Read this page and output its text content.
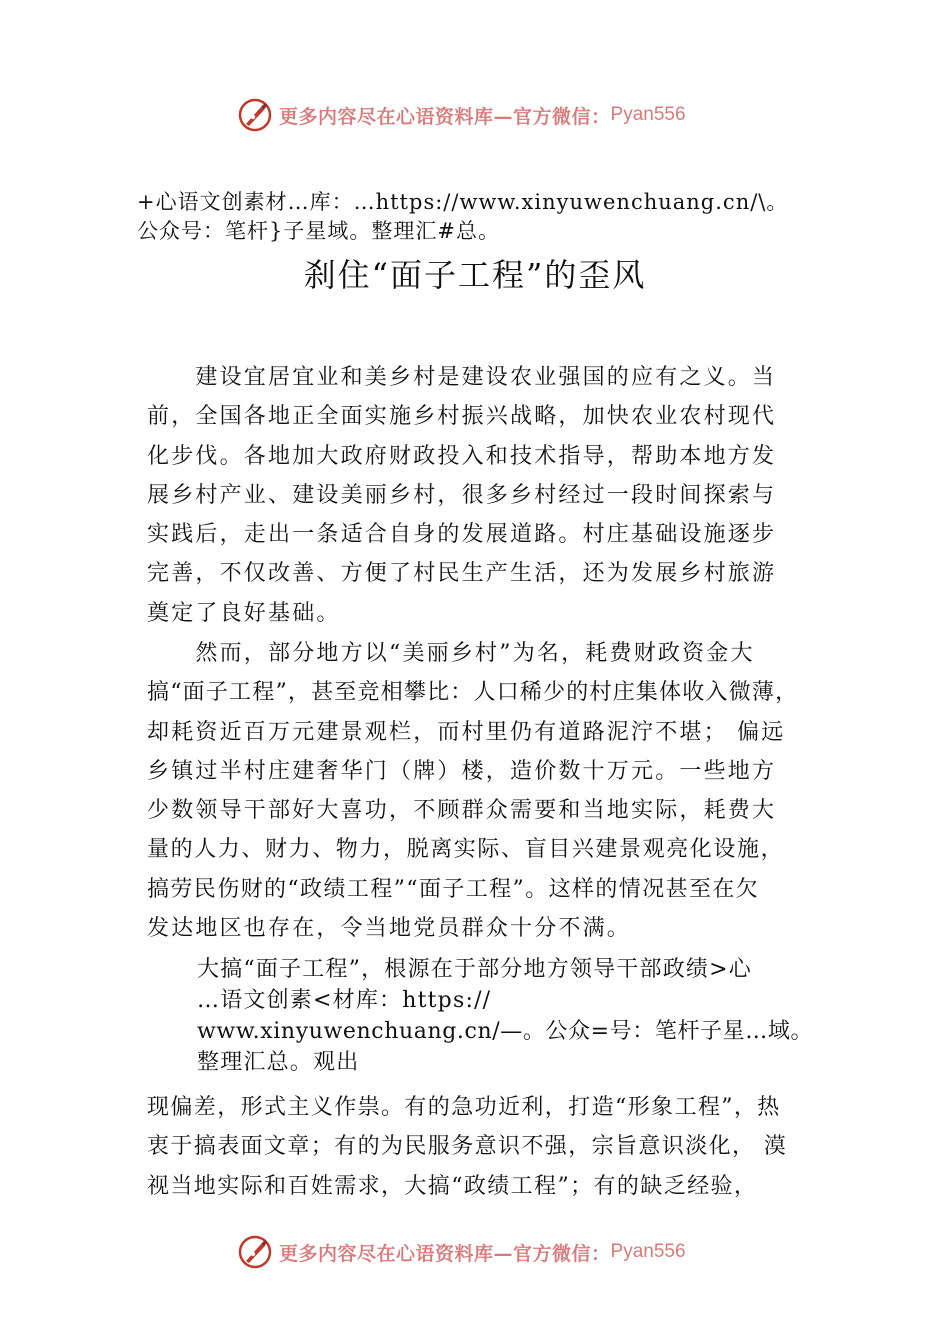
更多内容尽在心语资料库—官方微信： Pyan556
+心语文创素材…库：…https://www.xinyuwenchuang.cn/\。
公众号：笔杆}子星域。整理汇#总。
刹住“面子工程”的歪风
　　建设宜居宜业和美乡村是建设农业强国的应有之义。当
前，全国各地正全面实施乡村振兴战略，加快农业农村现代
化步伐。各地加大政府财政投入和技术指导，帮助本地方发
展乡村产业、建设美丽乡村，很多乡村经过一段时间探索与
实践后，走出一条适合自身的发展道路。村庄基础设施逐步
完善，不仅改善、方便了村民生产生活，还为发展乡村旅游
奠定了良好基础。
　　然而，部分地方以“美丽乡村”为名，耗费财政资金大
搞“面子工程”，甚至竞相攀比：人口稀少的村庄集体收入微薄，
却耗资近百万元建景观栏，而村里仍有道路泥泞不堪； 偏远
乡镇过半村庄建奢华门（牌）楼，造价数十万元。一些地方
少数领导干部好大喜功，不顾群众需要和当地实际，耗费大
量的人力、财力、物力，脱离实际、盲目兴建景观亮化设施，
搞劳民伤财的“政绩工程”“面子工程”。这样的情况甚至在欠
发达地区也存在，令当地党员群众十分不满。
大搞“面子工程”，根源在于部分地方领导干部政绩>心
…语文创素<材库：https://
www.xinyuwenchuang.cn/—。公众=号：笔杆子星…域。
整理汇总。观出
现偏差，形式主义作祟。有的急功近利，打造“形象工程”，热
衷于搞表面文章；有的为民服务意识不强，宗旨意识淡化， 漠
视当地实际和百姓需求，大搞“政绩工程”；有的缺乏经验，
更多内容尽在心语资料库—官方微信： Pyan556
